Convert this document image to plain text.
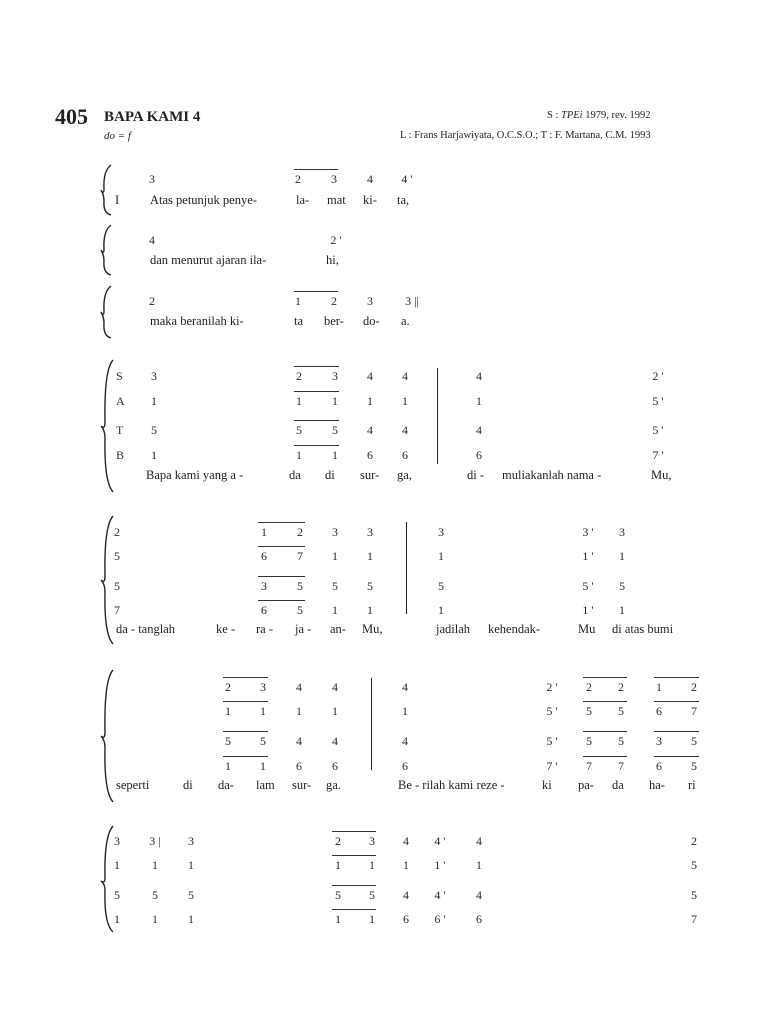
405 BAPA KAMI 4
do = f
S : TPEi 1979, rev. 1992
L : Frans Harjawiyata, O.C.S.O.; T : F. Martana, C.M. 1993
3	2	3	4 4 '
I Atas petunjuk penye-	la- mat ki- ta,
4	2 '
dan menurut ajaran ila-	hi,
2	1	2	3	3 ||
maka beranilah ki-	ta ber- do- a.
S
A
T
B
3	2	3 4 4	4	2 '
1	1	1 1 1	1	5 '
5	5	5 4 4	4	5 '
1	1	1 6 6	6	7 '
Bapa kami yang a -	da di sur- ga,	di - muliakanlah nama -	Mu,
2	1	2 3 3	3	3 ' 3
5	6	7 1 1	1	1 ' 1
5	3	5 5 5	5	5 ' 5
7	6	5 1 1	1	1 ' 1
da - tanglah	ke - ra - ja - an- Mu,	jadilah kehendak-	Mu di atas bumi
2 3	4	4	4	2 ' 2 2	1 2
1 1	1	1	1	5 ' 5 5	6 7
5 5	4	4	4	5 ' 5 5	3 5
1 1	6	6	6	7 ' 7 7	6 5
seperti	di da- lam sur- ga.	Be - rilah kami reze -	ki pa- da ha- ri
3 3 | 3	2 3 4 4 '	4	2
1	1	1	1 1 1 1 '	1	5
5	5	5	5 5 4 4 '	4	5
1	1	1	1 1 6 6 '	6	7
